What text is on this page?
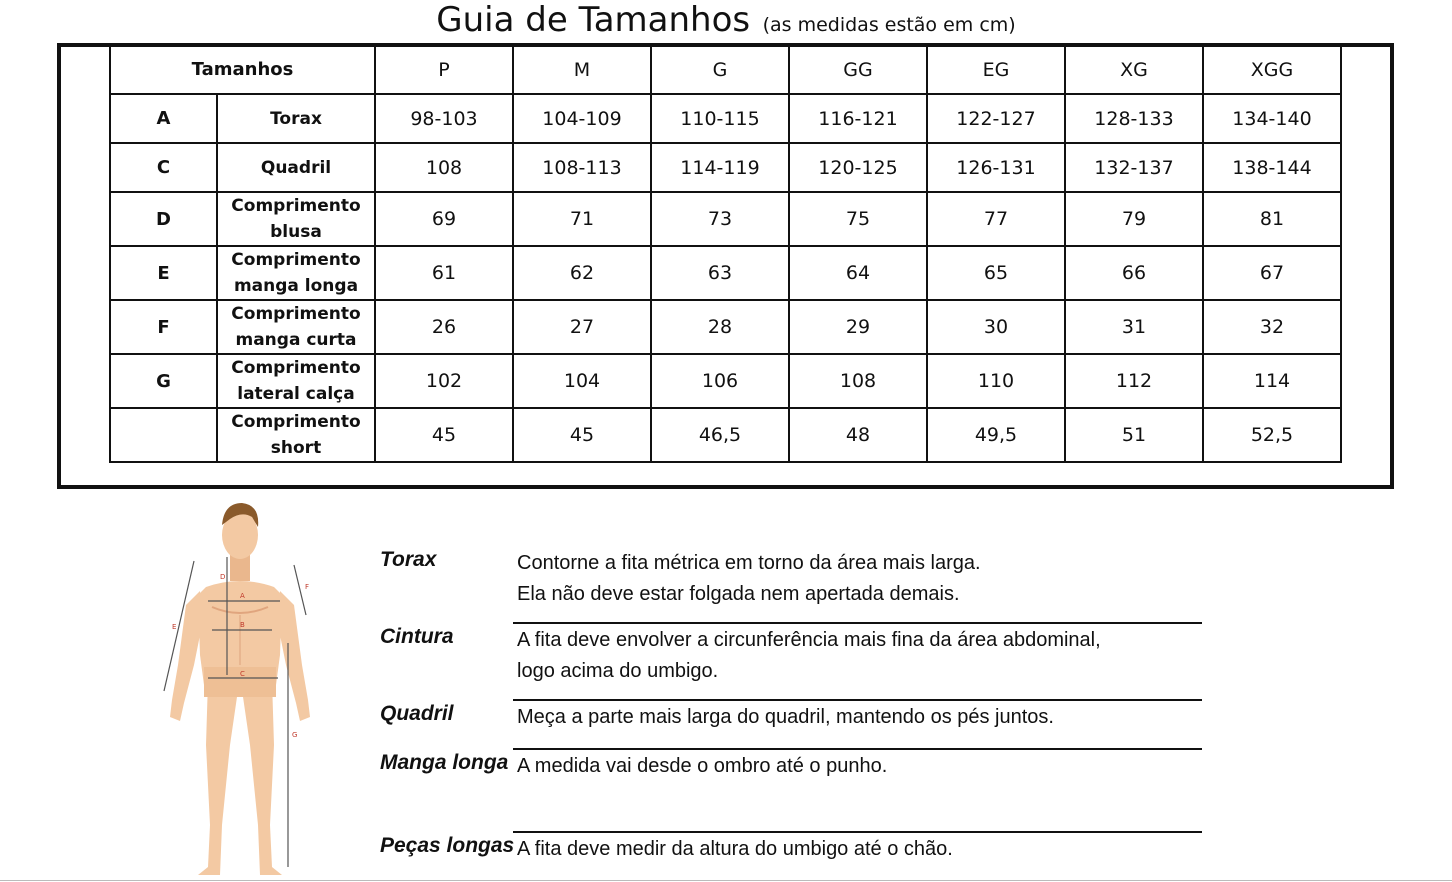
Guia de Tamanhos (as medidas estão em cm)
Tamanhos		P	M	G	GG	EG	XG	XGG
A	Torax	98-103	104-109	110-115	116-121	122-127	128-133	134-140
C	Quadril	108	108-113	114-119	120-125	126-131	132-137	138-144
D	Comprimento blusa	69	71	73	75	77	79	81
E	Comprimento manga longa	61	62	63	64	65	66	67
F	Comprimento manga curta	26	27	28	29	30	31	32
G	Comprimento lateral calça	102	104	106	108	110	112	114
	Comprimento short	45	45	46,5	48	49,5	51	52,5
D
A
B
C
E
F
G
Torax	Contorne a fita métrica em torno da área mais larga.
Ela não deve estar folgada nem apertada demais.
Cintura	A fita deve envolver a circunferência mais fina da área abdominal,
logo acima do umbigo.
Quadril	Meça a parte mais larga do quadril, mantendo os pés juntos.
Manga longa A medida vai desde o ombro até o punho.
Peças longas A fita deve medir da altura do umbigo até o chão.
